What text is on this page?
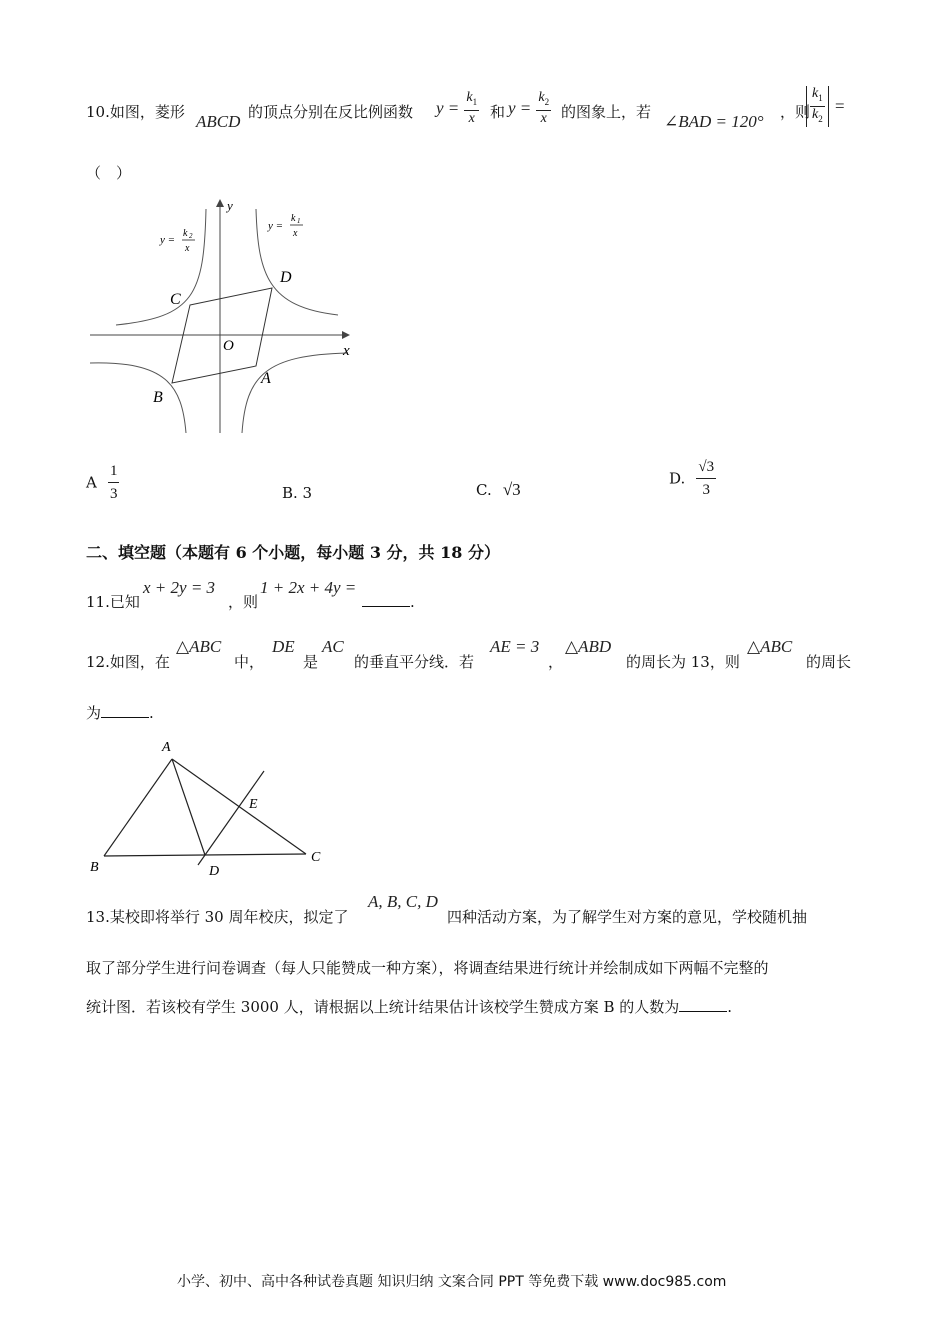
10.如图，菱形 ABCD 的顶点分别在反比例函数 $y = \frac{k_1}{x}$ 和 $y = \frac{k_2}{x}$ 的图象上，若 ∠BAD = 120° ，则 $\frac{k_1}{k_2}$ =
（　）
y
x
O
A
B
C
D
y =
k 2
x
y =
k 1
x
A $\frac{1}{3}$	B. 3	C. √3
D. $\frac{√3}{3}$
二、填空题（本题有 6 个小题，每小题 3 分，共 18 分）
11.已知
x + 2y = 3
，则
1 + 2x + 4y =
.
12.如图，在
△ABC
中，
DE
是
AC
的垂直平分线．若
AE = 3
，
△ABD
的周长为 13，则
△ABC
的周长
为	.
A
B
C
D
E
13.某校即将举行 30 周年校庆，拟定了
A, B, C, D
四种活动方案，为了解学生对方案的意见，学校随机抽
取了部分学生进行问卷调查（每人只能赞成一种方案），将调查结果进行统计并绘制成如下两幅不完整的
统计图．若该校有学生 3000 人，请根据以上统计结果估计该校学生赞成方案 B 的人数为	.
小学、初中、高中各种试卷真题 知识归纳 文案合同 PPT 等免费下载 www.doc985.com
